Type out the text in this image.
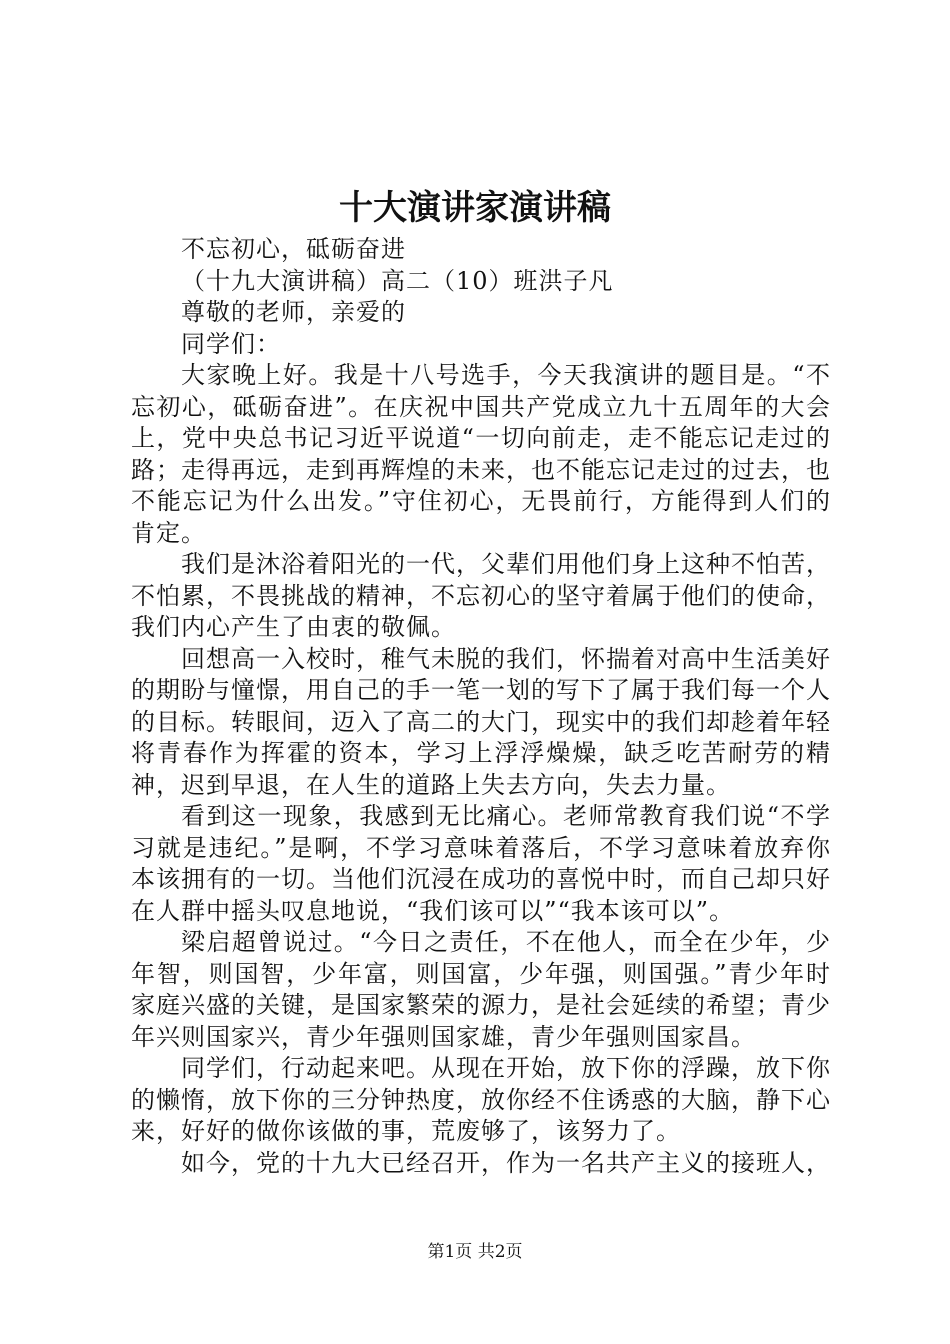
十大演讲家演讲稿

不忘初心，砥砺奋进

（十九大演讲稿）高二（10）班洪子凡

尊敬的老师，亲爱的

同学们：

大家晚上好。我是十八号选手，今天我演讲的题目是。“不忘初心，砥砺奋进”。在庆祝中国共产党成立九十五周年的大会上，党中央总书记习近平说道“一切向前走，走不能忘记走过的路；走得再远，走到再辉煌的未来，也不能忘记走过的过去，也不能忘记为什么出发。”守住初心，无畏前行，方能得到人们的肯定。

我们是沐浴着阳光的一代，父辈们用他们身上这种不怕苦，不怕累，不畏挑战的精神，不忘初心的坚守着属于他们的使命，我们内心产生了由衷的敬佩。

回想高一入校时，稚气未脱的我们，怀揣着对高中生活美好的期盼与憧憬，用自己的手一笔一划的写下了属于我们每一个人的目标。转眼间，迈入了高二的大门，现实中的我们却趁着年轻将青春作为挥霍的资本，学习上浮浮燥燥，缺乏吃苦耐劳的精神，迟到早退，在人生的道路上失去方向，失去力量。

看到这一现象，我感到无比痛心。老师常教育我们说“不学习就是违纪。”是啊，不学习意味着落后，不学习意味着放弃你本该拥有的一切。当他们沉浸在成功的喜悦中时，而自己却只好在人群中摇头叹息地说，“我们该可以”“我本该可以”。

梁启超曾说过。“今日之责任，不在他人，而全在少年，少年智，则国智，少年富，则国富，少年强，则国强。”青少年时家庭兴盛的关键，是国家繁荣的源力，是社会延续的希望；青少年兴则国家兴，青少年强则国家雄，青少年强则国家昌。

同学们，行动起来吧。从现在开始，放下你的浮躁，放下你的懒惰，放下你的三分钟热度，放你经不住诱惑的大脑，静下心来，好好的做你该做的事，荒废够了，该努力了。

如今，党的十九大已经召开，作为一名共产主义的接班人，

第1页 共2页
